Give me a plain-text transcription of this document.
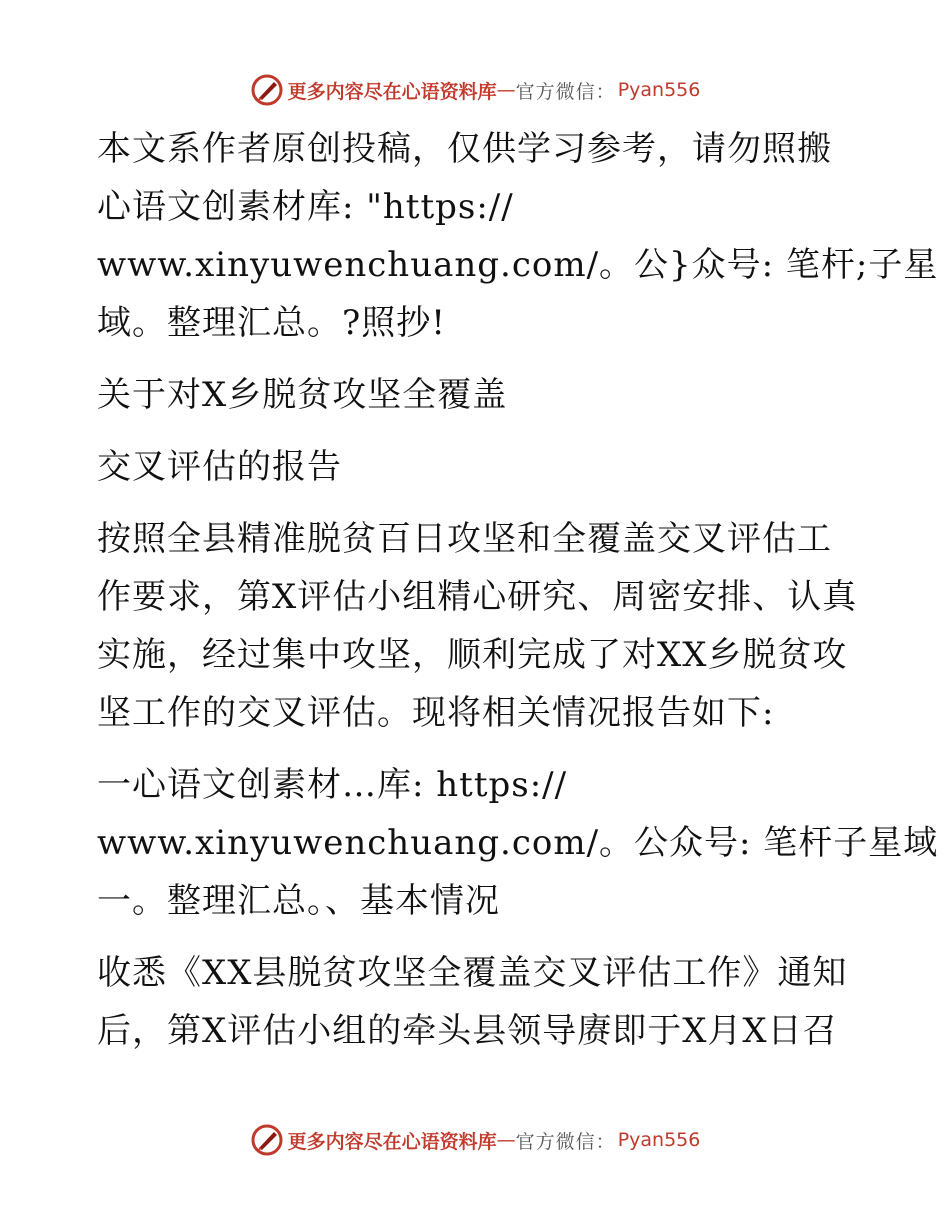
更多内容尽在心语资料库 — 官方微信： Pyan556
本文系作者原创投稿，仅供学习参考，请勿照搬
心语文创素材库: "https://
www.xinyuwenchuang.com/。公}众号: 笔杆;子星
域。整理汇总。?照抄!
关于对X乡脱贫攻坚全覆盖
交叉评估的报告
按照全县精准脱贫百日攻坚和全覆盖交叉评估工
作要求，第X评估小组精心研究、周密安排、认真
实施，经过集中攻坚，顺利完成了对XX乡脱贫攻
坚工作的交叉评估。现将相关情况报告如下:
一心语文创素材…库: https://
www.xinyuwenchuang.com/。公众号: 笔杆子星域
一。整理汇总。、基本情况
收悉《XX县脱贫攻坚全覆盖交叉评估工作》通知
后，第X评估小组的牵头县领导赓即于X月X日召
更多内容尽在心语资料库 — 官方微信： Pyan556
